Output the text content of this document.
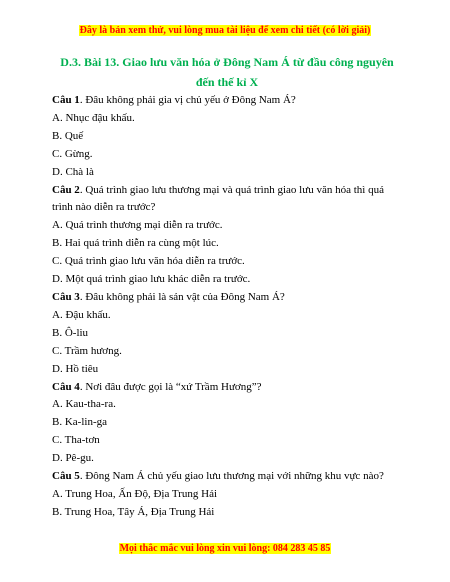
Đây là bản xem thử, vui lòng mua tài liệu để xem chi tiết (có lời giải)
D.3. Bài 13. Giao lưu văn hóa ở Đông Nam Á từ đầu công nguyên đến thế kỉ X
Câu 1. Đâu không phải gia vị chủ yếu ở Đông Nam Á?
A. Nhục đậu khấu.
B. Quế
C. Gừng.
D. Chà là
Câu 2. Quá trình giao lưu thương mại và quá trình giao lưu văn hóa thì quá trình nào diễn ra trước?
A. Quá trình thương mại diễn ra trước.
B. Hai quá trình diễn ra cùng một lúc.
C. Quá trình giao lưu văn hóa diễn ra trước.
D. Một quá trình giao lưu khác diễn ra trước.
Câu 3. Đâu không phải là sản vật của Đông Nam Á?
A. Đậu khấu.
B. Ô-liu
C. Trầm hương.
D. Hồ tiêu
Câu 4. Nơi đâu được gọi là “xứ Trầm Hương”?
A. Kau-tha-ra.
B. Ka-lin-ga
C. Tha-tơn
D. Pê-gu.
Câu 5. Đông Nam Á chủ yếu giao lưu thương mại với những khu vực nào?
A. Trung Hoa, Ấn Độ, Địa Trung Hải
B. Trung Hoa, Tây Á, Địa Trung Hải
Mọi thắc mắc vui lòng xin vui lòng: 084 283 45 85
